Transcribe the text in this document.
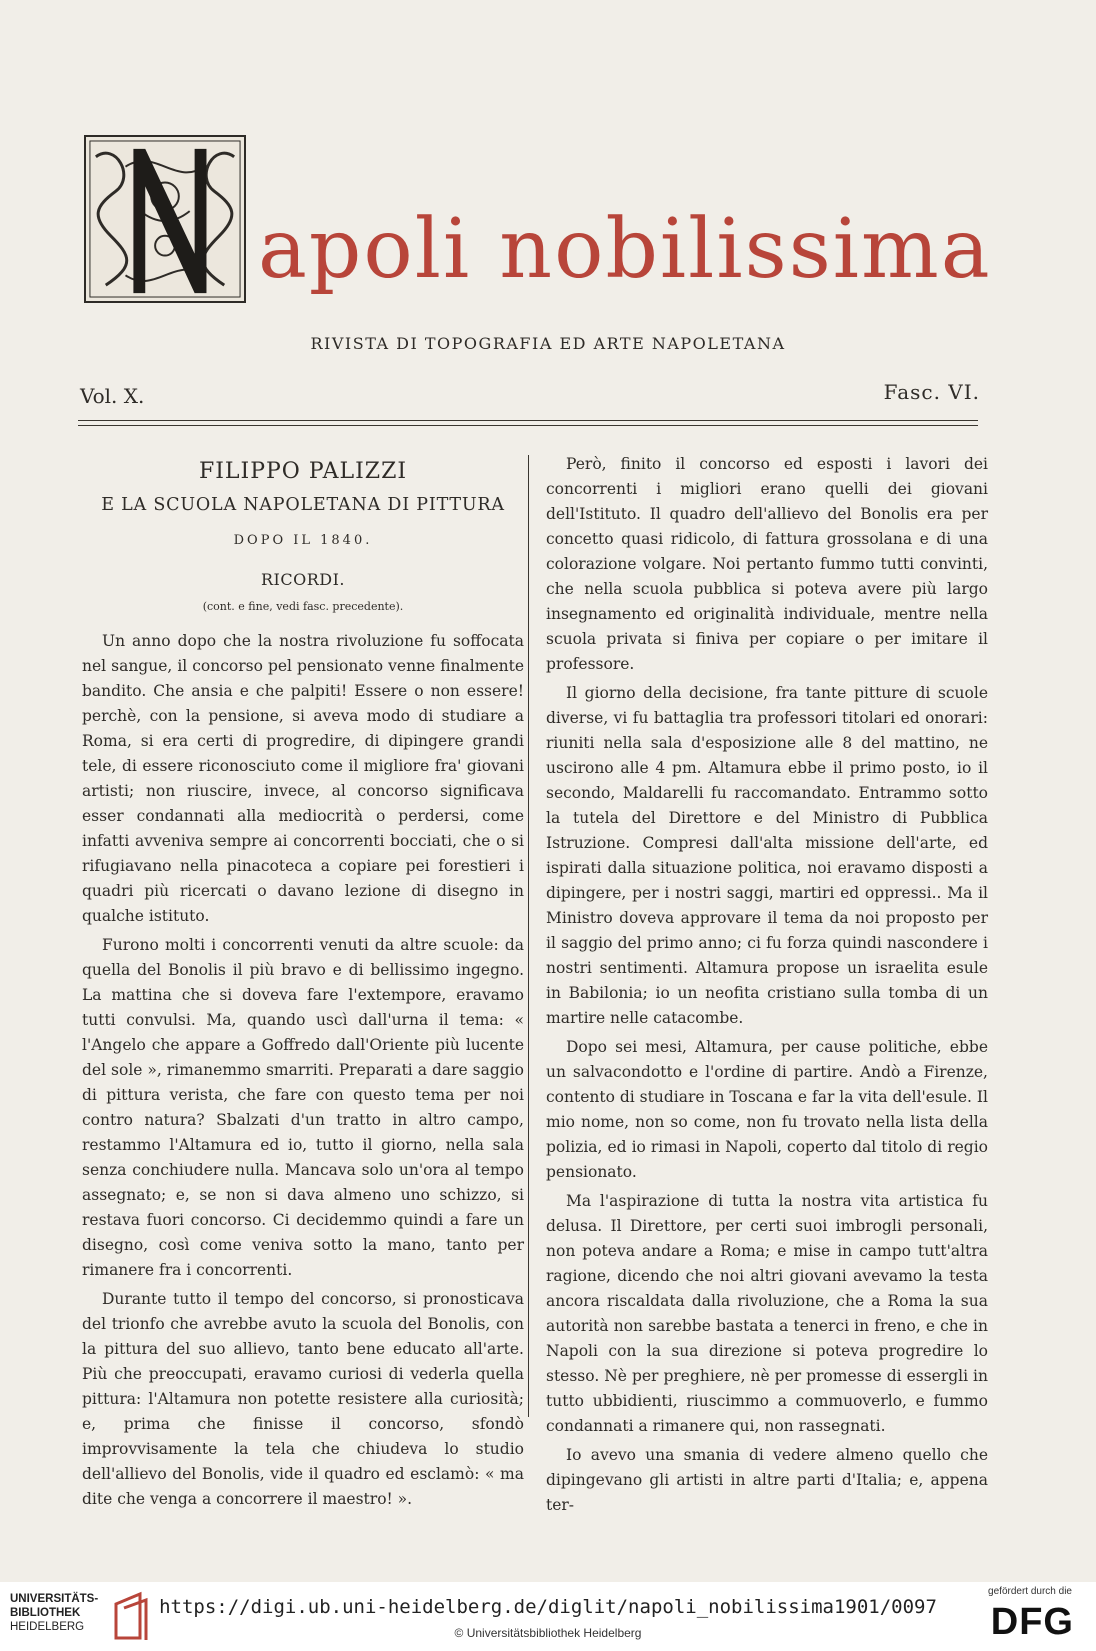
apoli nobilissima
RIVISTA DI TOPOGRAFIA ED ARTE NAPOLETANA
Vol. X.	Fasc. VI.
FILIPPO PALIZZI
E LA SCUOLA NAPOLETANA DI PITTURA
DOPO IL 1840.
RICORDI.
(cont. e fine, vedi fasc. precedente).

Un anno dopo che la nostra rivoluzione fu soffocata nel sangue, il concorso pel pensionato venne finalmente bandito. Che ansia e che palpiti! Essere o non essere! perchè, con la pensione, si aveva modo di studiare a Roma, si era certi di progredire, di dipingere grandi tele, di essere riconosciuto come il migliore fra' giovani artisti; non riuscire, invece, al concorso significava esser condannati alla mediocrità o perdersi, come infatti avveniva sempre ai concorrenti bocciati, che o si rifugiavano nella pinacoteca a copiare pei forestieri i quadri più ricercati o davano lezione di disegno in qualche istituto.

Furono molti i concorrenti venuti da altre scuole: da quella del Bonolis il più bravo e di bellissimo ingegno. La mattina che si doveva fare l'extempore, eravamo tutti convulsi. Ma, quando uscì dall'urna il tema: « l'Angelo che appare a Goffredo dall'Oriente più lucente del sole », rimanemmo smarriti. Preparati a dare saggio di pittura verista, che fare con questo tema per noi contro natura? Sbalzati d'un tratto in altro campo, restammo l'Altamura ed io, tutto il giorno, nella sala senza conchiudere nulla. Mancava solo un'ora al tempo assegnato; e, se non si dava almeno uno schizzo, si restava fuori concorso. Ci decidemmo quindi a fare un disegno, così come veniva sotto la mano, tanto per rimanere fra i concorrenti.

Durante tutto il tempo del concorso, si pronosticava del trionfo che avrebbe avuto la scuola del Bonolis, con la pittura del suo allievo, tanto bene educato all'arte. Più che preoccupati, eravamo curiosi di vederla quella pittura: l'Altamura non potette resistere alla curiosità; e, prima che finisse il concorso, sfondò improvvisamente la tela che chiudeva lo studio dell'allievo del Bonolis, vide il quadro ed esclamò: « ma dite che venga a concorrere il maestro! ».

Però, finito il concorso ed esposti i lavori dei concorrenti i migliori erano quelli dei giovani dell'Istituto. Il quadro dell'allievo del Bonolis era per concetto quasi ridicolo, di fattura grossolana e di una colorazione volgare. Noi pertanto fummo tutti convinti, che nella scuola pubblica si poteva avere più largo insegnamento ed originalità individuale, mentre nella scuola privata si finiva per copiare o per imitare il professore.

Il giorno della decisione, fra tante pitture di scuole diverse, vi fu battaglia tra professori titolari ed onorari: riuniti nella sala d'esposizione alle 8 del mattino, ne uscirono alle 4 pm. Altamura ebbe il primo posto, io il secondo, Maldarelli fu raccomandato. Entrammo sotto la tutela del Direttore e del Ministro di Pubblica Istruzione. Compresi dall'alta missione dell'arte, ed ispirati dalla situazione politica, noi eravamo disposti a dipingere, per i nostri saggi, martiri ed oppressi.. Ma il Ministro doveva approvare il tema da noi proposto per il saggio del primo anno; ci fu forza quindi nascondere i nostri sentimenti. Altamura propose un israelita esule in Babilonia; io un neofita cristiano sulla tomba di un martire nelle catacombe.

Dopo sei mesi, Altamura, per cause politiche, ebbe un salvacondotto e l'ordine di partire. Andò a Firenze, contento di studiare in Toscana e far la vita dell'esule. Il mio nome, non so come, non fu trovato nella lista della polizia, ed io rimasi in Napoli, coperto dal titolo di regio pensionato.

Ma l'aspirazione di tutta la nostra vita artistica fu delusa. Il Direttore, per certi suoi imbrogli personali, non poteva andare a Roma; e mise in campo tutt'altra ragione, dicendo che noi altri giovani avevamo la testa ancora riscaldata dalla rivoluzione, che a Roma la sua autorità non sarebbe bastata a tenerci in freno, e che in Napoli con la sua direzione si poteva progredire lo stesso. Nè per preghiere, nè per promesse di essergli in tutto ubbidienti, riuscimmo a commuoverlo, e fummo condannati a rimanere qui, non rassegnati.

Io avevo una smania di vedere almeno quello che dipingevano gli artisti in altre parti d'Italia; e, appena ter-

UNIVERSITÄTS-
BIBLIOTHEK
HEIDELBERG
https://digi.ub.uni-heidelberg.de/diglit/napoli_nobilissima1901/0097
© Universitätsbibliothek Heidelberg
gefördert durch die
DFG
